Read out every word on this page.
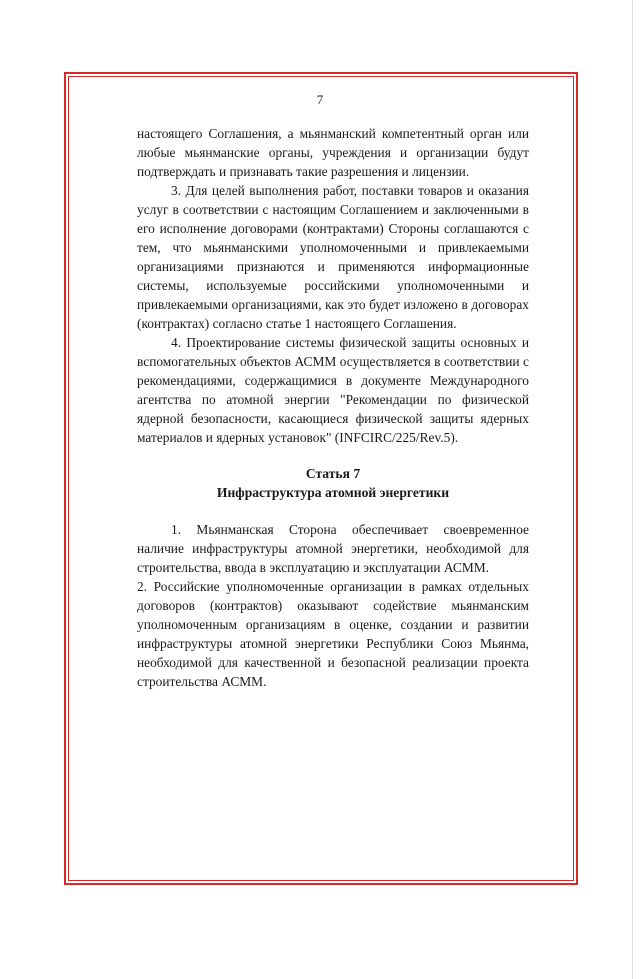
7

настоящего Соглашения, а мьянманский компетентный орган или любые мьянманские органы, учреждения и организации будут подтверждать и признавать такие разрешения и лицензии.

3. Для целей выполнения работ, поставки товаров и оказания услуг в соответствии с настоящим Соглашением и заключенными в его исполнение договорами (контрактами) Стороны соглашаются с тем, что мьянманскими уполномоченными и привлекаемыми организациями признаются и применяются информационные системы, используемые российскими уполномоченными и привлекаемыми организациями, как это будет изложено в договорах (контрактах) согласно статье 1 настоящего Соглашения.

4. Проектирование системы физической защиты основных и вспомогательных объектов АСММ осуществляется в соответствии с рекомендациями, содержащимися в документе Международного агентства по атомной энергии "Рекомендации по физической ядерной безопасности, касающиеся физической защиты ядерных материалов и ядерных установок" (INFCIRC/225/Rev.5).

Статья 7
Инфраструктура атомной энергетики

1. Мьянманская Сторона обеспечивает своевременное наличие инфраструктуры атомной энергетики, необходимой для строительства, ввода в эксплуатацию и эксплуатации АСММ.

2. Российские уполномоченные организации в рамках отдельных договоров (контрактов) оказывают содействие мьянманским уполномоченным организациям в оценке, создании и развитии инфраструктуры атомной энергетики Республики Союз Мьянма, необходимой для качественной и безопасной реализации проекта строительства АСММ.
